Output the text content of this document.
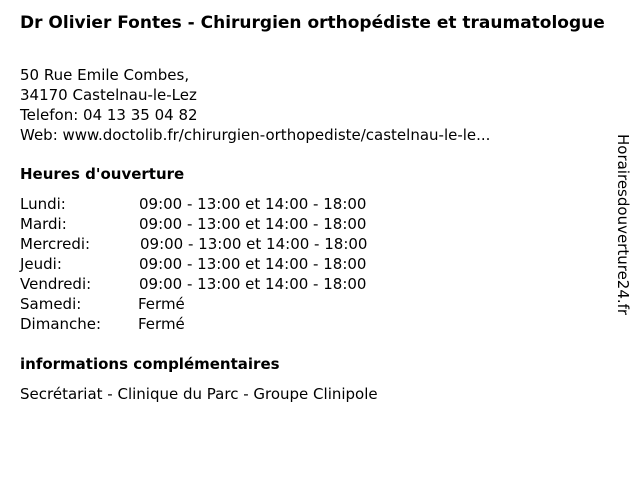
Dr Olivier Fontes - Chirurgien orthopédiste et traumatologue
50 Rue Emile Combes,
34170 Castelnau-le-Lez
Telefon: 04 13 35 04 82
Web: www.doctolib.fr/chirurgien-orthopediste/castelnau-le-le...
Heures d'ouverture
Lundi:	09:00 - 13:00 et 14:00 - 18:00
Mardi:	09:00 - 13:00 et 14:00 - 18:00
Mercredi:	09:00 - 13:00 et 14:00 - 18:00
Jeudi:	09:00 - 13:00 et 14:00 - 18:00
Vendredi:	09:00 - 13:00 et 14:00 - 18:00
Samedi:	Fermé
Dimanche: Fermé
informations complémentaires
Secrétariat - Clinique du Parc - Groupe Clinipole
Horairesdouverture24.fr
